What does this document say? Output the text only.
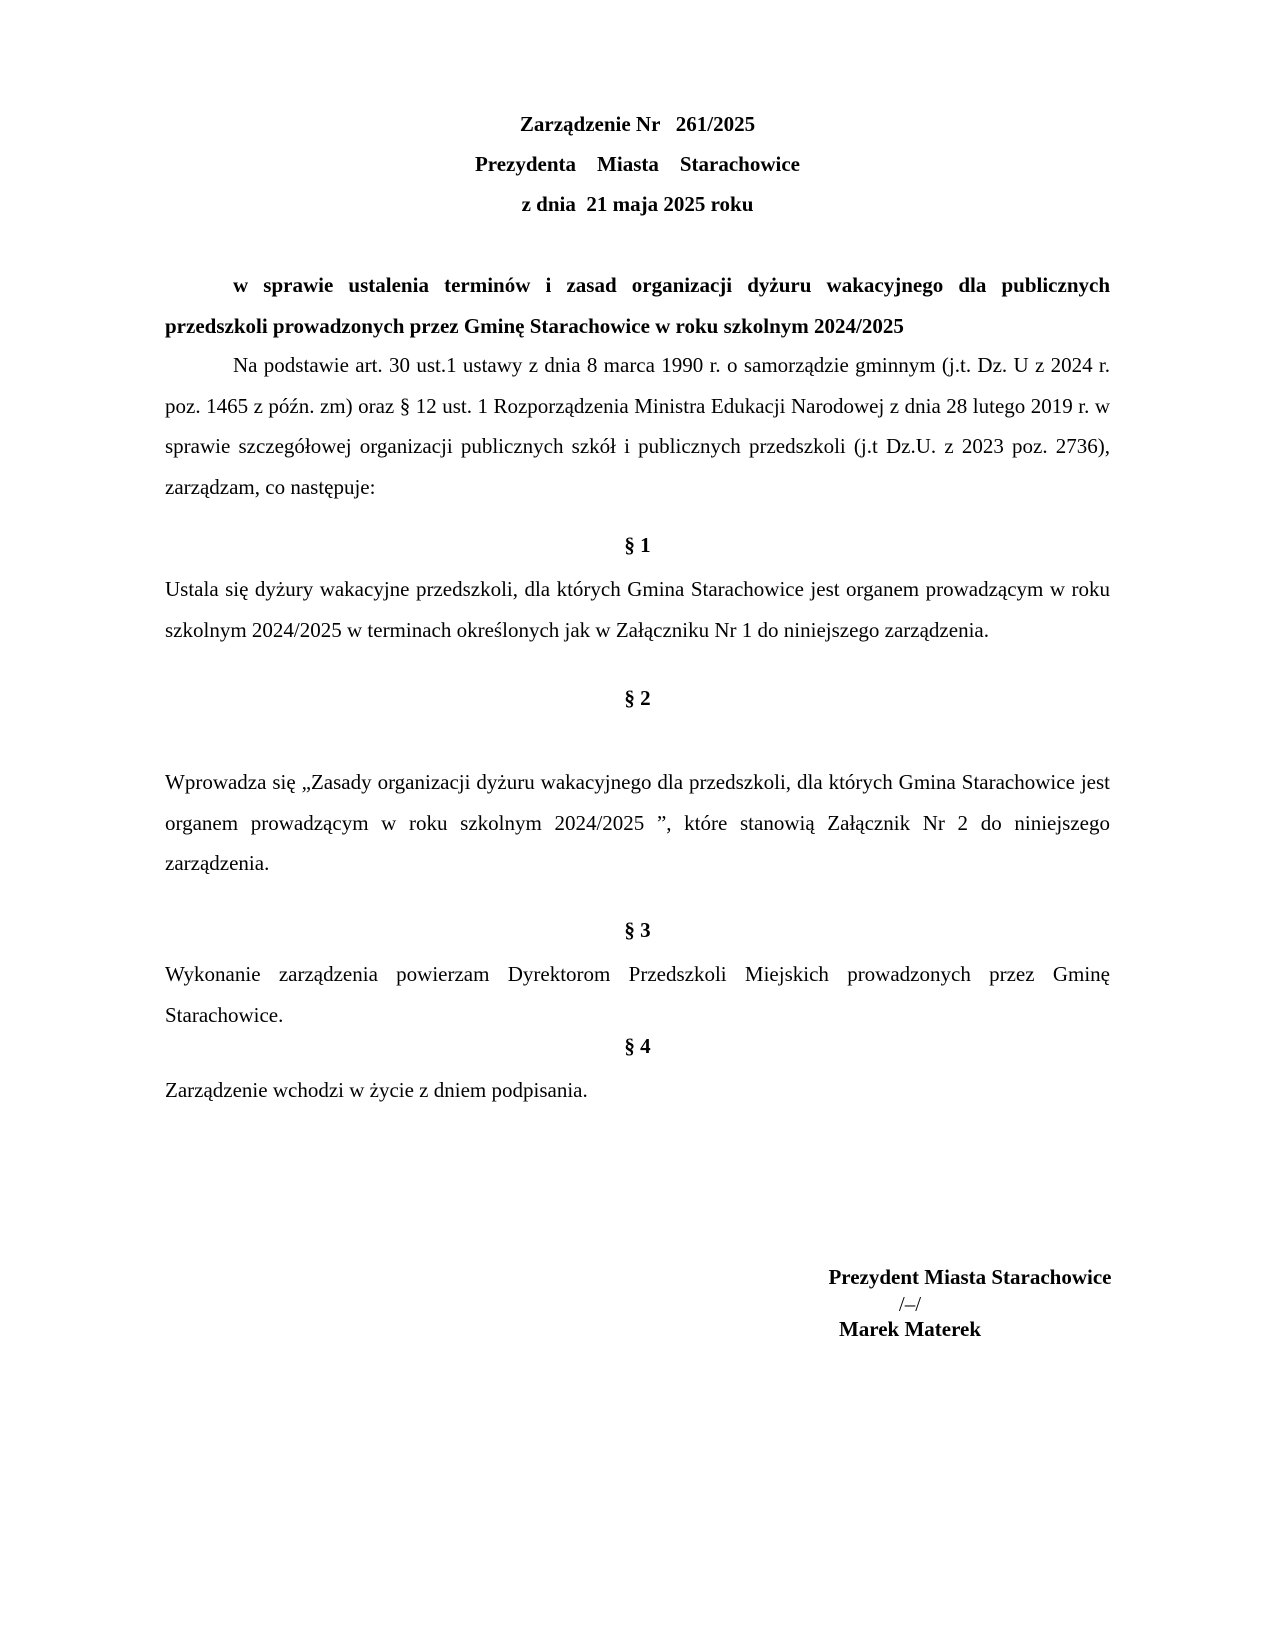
Zarządzenie Nr   261/2025
Prezydenta    Miasta    Starachowice
z dnia  21 maja 2025 roku
w sprawie ustalenia terminów i zasad organizacji dyżuru wakacyjnego dla publicznych przedszkoli prowadzonych przez Gminę Starachowice w roku szkolnym 2024/2025
Na podstawie art. 30 ust.1 ustawy z dnia 8 marca 1990 r. o samorządzie gminnym (j.t. Dz. U z 2024 r. poz. 1465 z późn. zm) oraz § 12 ust. 1 Rozporządzenia Ministra Edukacji Narodowej z dnia 28 lutego 2019 r. w sprawie szczegółowej organizacji publicznych szkół i publicznych przedszkoli (j.t Dz.U. z 2023 poz. 2736), zarządzam, co następuje:
§ 1
Ustala się dyżury wakacyjne przedszkoli, dla których Gmina Starachowice jest organem prowadzącym w roku szkolnym 2024/2025 w terminach określonych jak w Załączniku Nr 1 do niniejszego zarządzenia.
§ 2
Wprowadza się „Zasady organizacji dyżuru wakacyjnego dla przedszkoli, dla których Gmina Starachowice jest organem prowadzącym w roku szkolnym 2024/2025 ”, które stanowią Załącznik Nr 2 do niniejszego zarządzenia.
§ 3
Wykonanie zarządzenia powierzam Dyrektorom Przedszkoli Miejskich prowadzonych przez Gminę Starachowice.
§ 4
Zarządzenie wchodzi w życie z dniem podpisania.
Prezydent Miasta Starachowice
/–/
Marek Materek
